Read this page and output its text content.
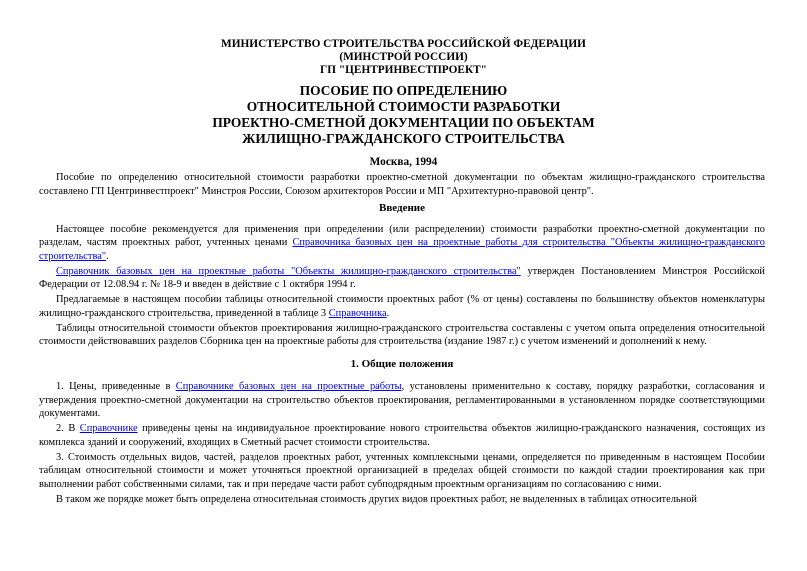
МИНИСТЕРСТВО СТРОИТЕЛЬСТВА РОССИЙСКОЙ ФЕДЕРАЦИИ
(МИНСТРОЙ РОССИИ)
ГП "ЦЕНТРИНВЕСТПРОЕКТ"
ПОСОБИЕ ПО ОПРЕДЕЛЕНИЮ
ОТНОСИТЕЛЬНОЙ СТОИМОСТИ РАЗРАБОТКИ
ПРОЕКТНО-СМЕТНОЙ ДОКУМЕНТАЦИИ ПО ОБЪЕКТАМ
ЖИЛИЩНО-ГРАЖДАНСКОГО СТРОИТЕЛЬСТВА
Москва, 1994

Пособие по определению относительной стоимости разработки проектно-сметной документации по объектам жилищно-гражданского строительства составлено ГП Центринвестпроект" Минстроя России, Союзом архитекторов России и МП "Архитектурно-правовой центр".

Введение

Настоящее пособие рекомендуется для применения при определении (или распределении) стоимости разработки проектно-сметной документации по разделам, частям проектных работ, учтенных ценами Справочника базовых цен на проектные работы для строительства "Объекты жилищно-гражданского строительства".

Справочник базовых цен на проектные работы "Объекты жилищно-гражданского строительства" утвержден Постановлением Минстроя Российской Федерации от 12.08.94 г. № 18-9 и введен в действие с 1 октября 1994 г.

Предлагаемые в настоящем пособии таблицы относительной стоимости проектных работ (% от цены) составлены по большинству объектов номенклатуры жилищно-гражданского строительства, приведенной в таблице 3 Справочника.

Таблицы относительной стоимости объектов проектирования жилищно-гражданского строительства составлены с учетом опыта определения относительной стоимости действовавших разделов Сборника цен на проектные работы для строительства (издание 1987 г.) с учетом изменений и дополнений к нему.

1. Общие положения

1. Цены, приведенные в Справочнике базовых цен на проектные работы, установлены применительно к составу, порядку разработки, согласования и утверждения проектно-сметной документации на строительство объектов проектирования, регламентированными в установленном порядке соответствующими документами.

2. В Справочнике приведены цены на индивидуальное проектирование нового строительства объектов жилищно-гражданского назначения, состоящих из комплекса зданий и сооружений, входящих в Сметный расчет стоимости строительства.

3. Стоимость отдельных видов, частей, разделов проектных работ, учтенных комплексными ценами, определяется по приведенным в настоящем Пособии таблицам относительной стоимости и может уточняться проектной организацией в пределах общей стоимости по каждой стадии проектирования как при выполнении работ собственными силами, так и при передаче части работ субподрядным проектным организациям по согласованию с ними.

В таком же порядке может быть определена относительная стоимость других видов проектных работ, не выделенных в таблицах относительной
